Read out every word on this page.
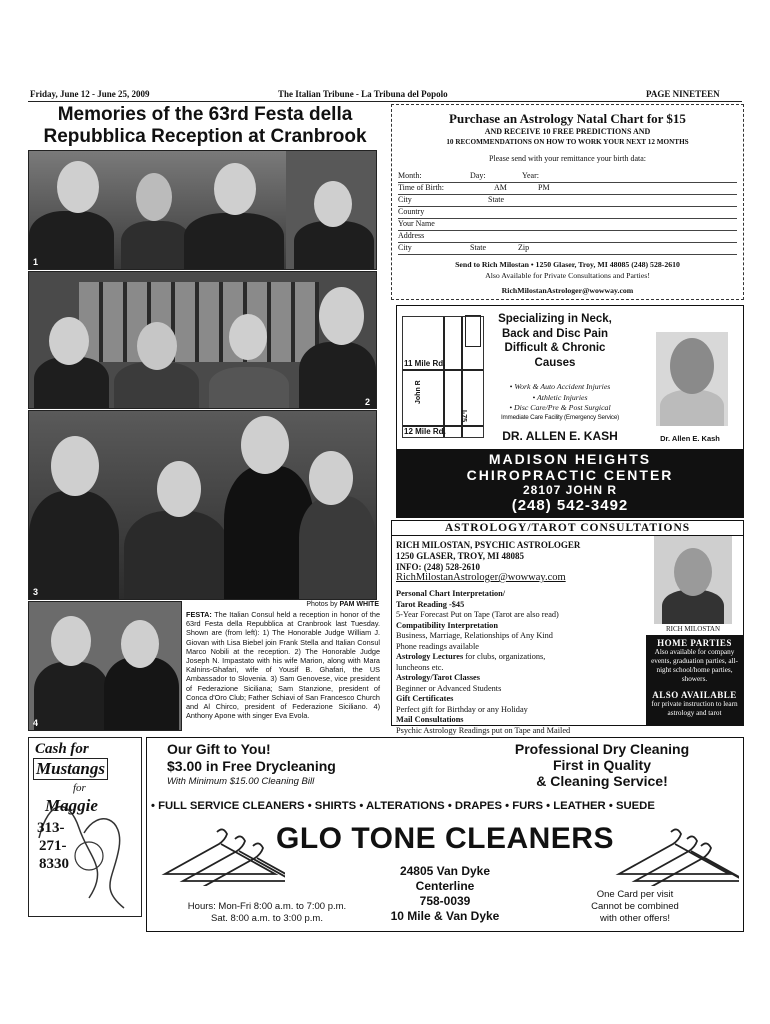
Friday, June 12 - June 25, 2009	The Italian Tribune - La Tribuna del Popolo	PAGE NINETEEN
Memories of the 63rd Festa della
Repubblica Reception at Cranbrook
1
2
3
4
Photos by PAM WHITE
FESTA: The Italian Consul held a reception in honor of the 63rd Festa della Repubblica at Cranbrook last Tuesday. Shown are (from left): 1) The Honorable Judge William J. Giovan with Lisa Biebel join Frank Stella and Italian Consul Marco Nobili at the reception. 2) The Honorable Judge Joseph N. Impastato with his wife Marion, along with Mara Kalnins-Ghafari, wife of Yousif B. Ghafari, the US Ambassador to Slovenia. 3) Sam Genovese, vice president of Federazione Siciliana; Sam Stanzione, president of Conca d'Oro Club; Father Schiavi of San Francesco Church and Al Chirco, president of Federazione Siciliano. 4) Anthony Apone with singer Eva Evola.
Purchase an Astrology Natal Chart for $15
AND RECEIVE 10 FREE PREDICTIONS AND
10 RECOMMENDATIONS ON HOW TO WORK YOUR NEXT 12 MONTHS
Please send with your remittance your birth data:
Month:	Day:	Year:
Time of Birth:	AM	PM
City	State
Country
Your Name
Address
City	State	Zip
Send to Rich Milostan • 1250 Glaser, Troy, MI 48085 (248) 528-2610
Also Available for Private Consultations and Parties!
RichMilostanAstrologer@wowway.com
11 Mile Rd.
12 Mile Rd.
John R
I-75
Specializing in Neck, Back and Disc Pain Difficult & Chronic Causes
• Work & Auto Accident Injuries
• Athletic Injuries
• Disc Care/Pre & Post Surgical
Immediate Care Facility (Emergency Service)
DR. ALLEN E. KASH	Dr. Allen E. Kash
MADISON HEIGHTS
CHIROPRACTIC CENTER
28107 JOHN R
(248) 542-3492
ASTROLOGY/TAROT CONSULTATIONS
RICH MILOSTAN, PSYCHIC ASTROLOGER
1250 GLASER, TROY, MI 48085
INFO: (248) 528-2610
RichMilostanAstrologer@wowway.com

Personal Chart Interpretation/

Tarot Reading -$45

5-Year Forecast Put on Tape (Tarot are also read)

Compatibility Interpretation

Business, Marriage, Relationships of Any Kind

Phone readings available

Astrology Lectures for clubs, organizations,

luncheons etc.

Astrology/Tarot Classes

Beginner or Advanced Students

Gift Certificates

Perfect gift for Birthday or any Holiday

Mail Consultations

Psychic Astrology Readings put on Tape and Mailed

RICH MILOSTAN
HOME PARTIES
Also available for company events, graduation parties, all-night school/home parties, showers.
ALSO AVAILABLE
for private instruction to learn astrology and tarot
Cash for
Mustangs
for
Maggie
313-
271-
8330
Our Gift to You!
$3.00 in Free Drycleaning
With Minimum $15.00 Cleaning Bill
Professional Dry Cleaning
First in Quality
& Cleaning Service!
• FULL SERVICE CLEANERS • SHIRTS • ALTERATIONS • DRAPES • FURS • LEATHER • SUEDE
GLO TONE CLEANERS
24805 Van Dyke
Centerline
758-0039
10 Mile & Van Dyke
Hours: Mon-Fri 8:00 a.m. to 7:00 p.m.
Sat. 8:00 a.m. to 3:00 p.m.
One Card per visit
Cannot be combined
with other offers!
